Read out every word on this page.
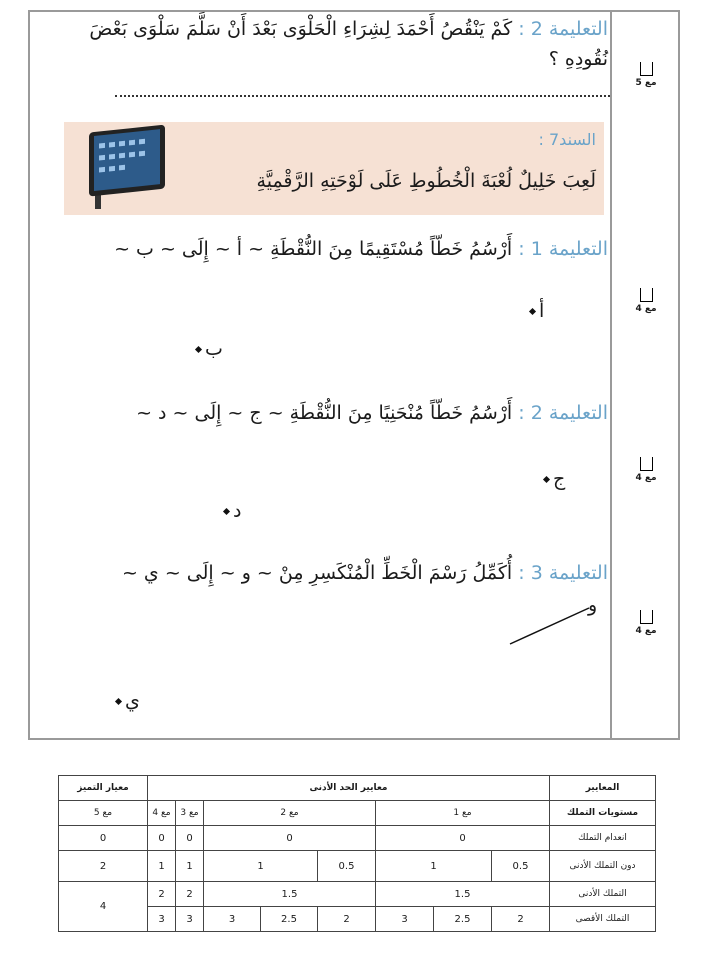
التعليمة 2 : كَمْ يَنْقُصُ أَحْمَدَ لِشِرَاءِ الْحَلْوَى بَعْدَ أَنْ سَلَّمَ سَلْوَى بَعْضَ
نُقُودِهِ ؟
مع 5
السند7 :
لَعِبَ خَلِيلٌ لُعْبَةَ الْخُطُوطِ عَلَى لَوْحَتِهِ الرَّقْمِيَّةِ
التعليمة 1 : أَرْسُمُ خَطّاً مُسْتَقِيمًا مِنَ النُّقْطَةِ ~ أ ~ إِلَى ~ ب ~
أ
ب
مع 4
التعليمة 2 : أَرْسُمُ خَطّاً مُنْحَنِيًا مِنَ النُّقْطَةِ ~ ج ~ إِلَى ~ د ~
ج
د
مع 4
التعليمة 3 : أُكَمِّلُ رَسْمَ الْخَطِّ الْمُنْكَسِرِ مِنْ ~ و ~ إِلَى ~ ي ~
و
ي
مع 4
المعايير	معايير الحد الأدنى								معيار التميز
مستويات التملك	مع 1			مع 2			مع 3	مع 4	مع 5
انعدام التملك	0			0			0	0	0
دون التملك الأدنى	0.5	1		0.5	1		1	1	2
التملك الأدنى	1.5			1.5			2	2	4
التملك الأقصى	2	2.5	3	2	2.5	3	3	3	
